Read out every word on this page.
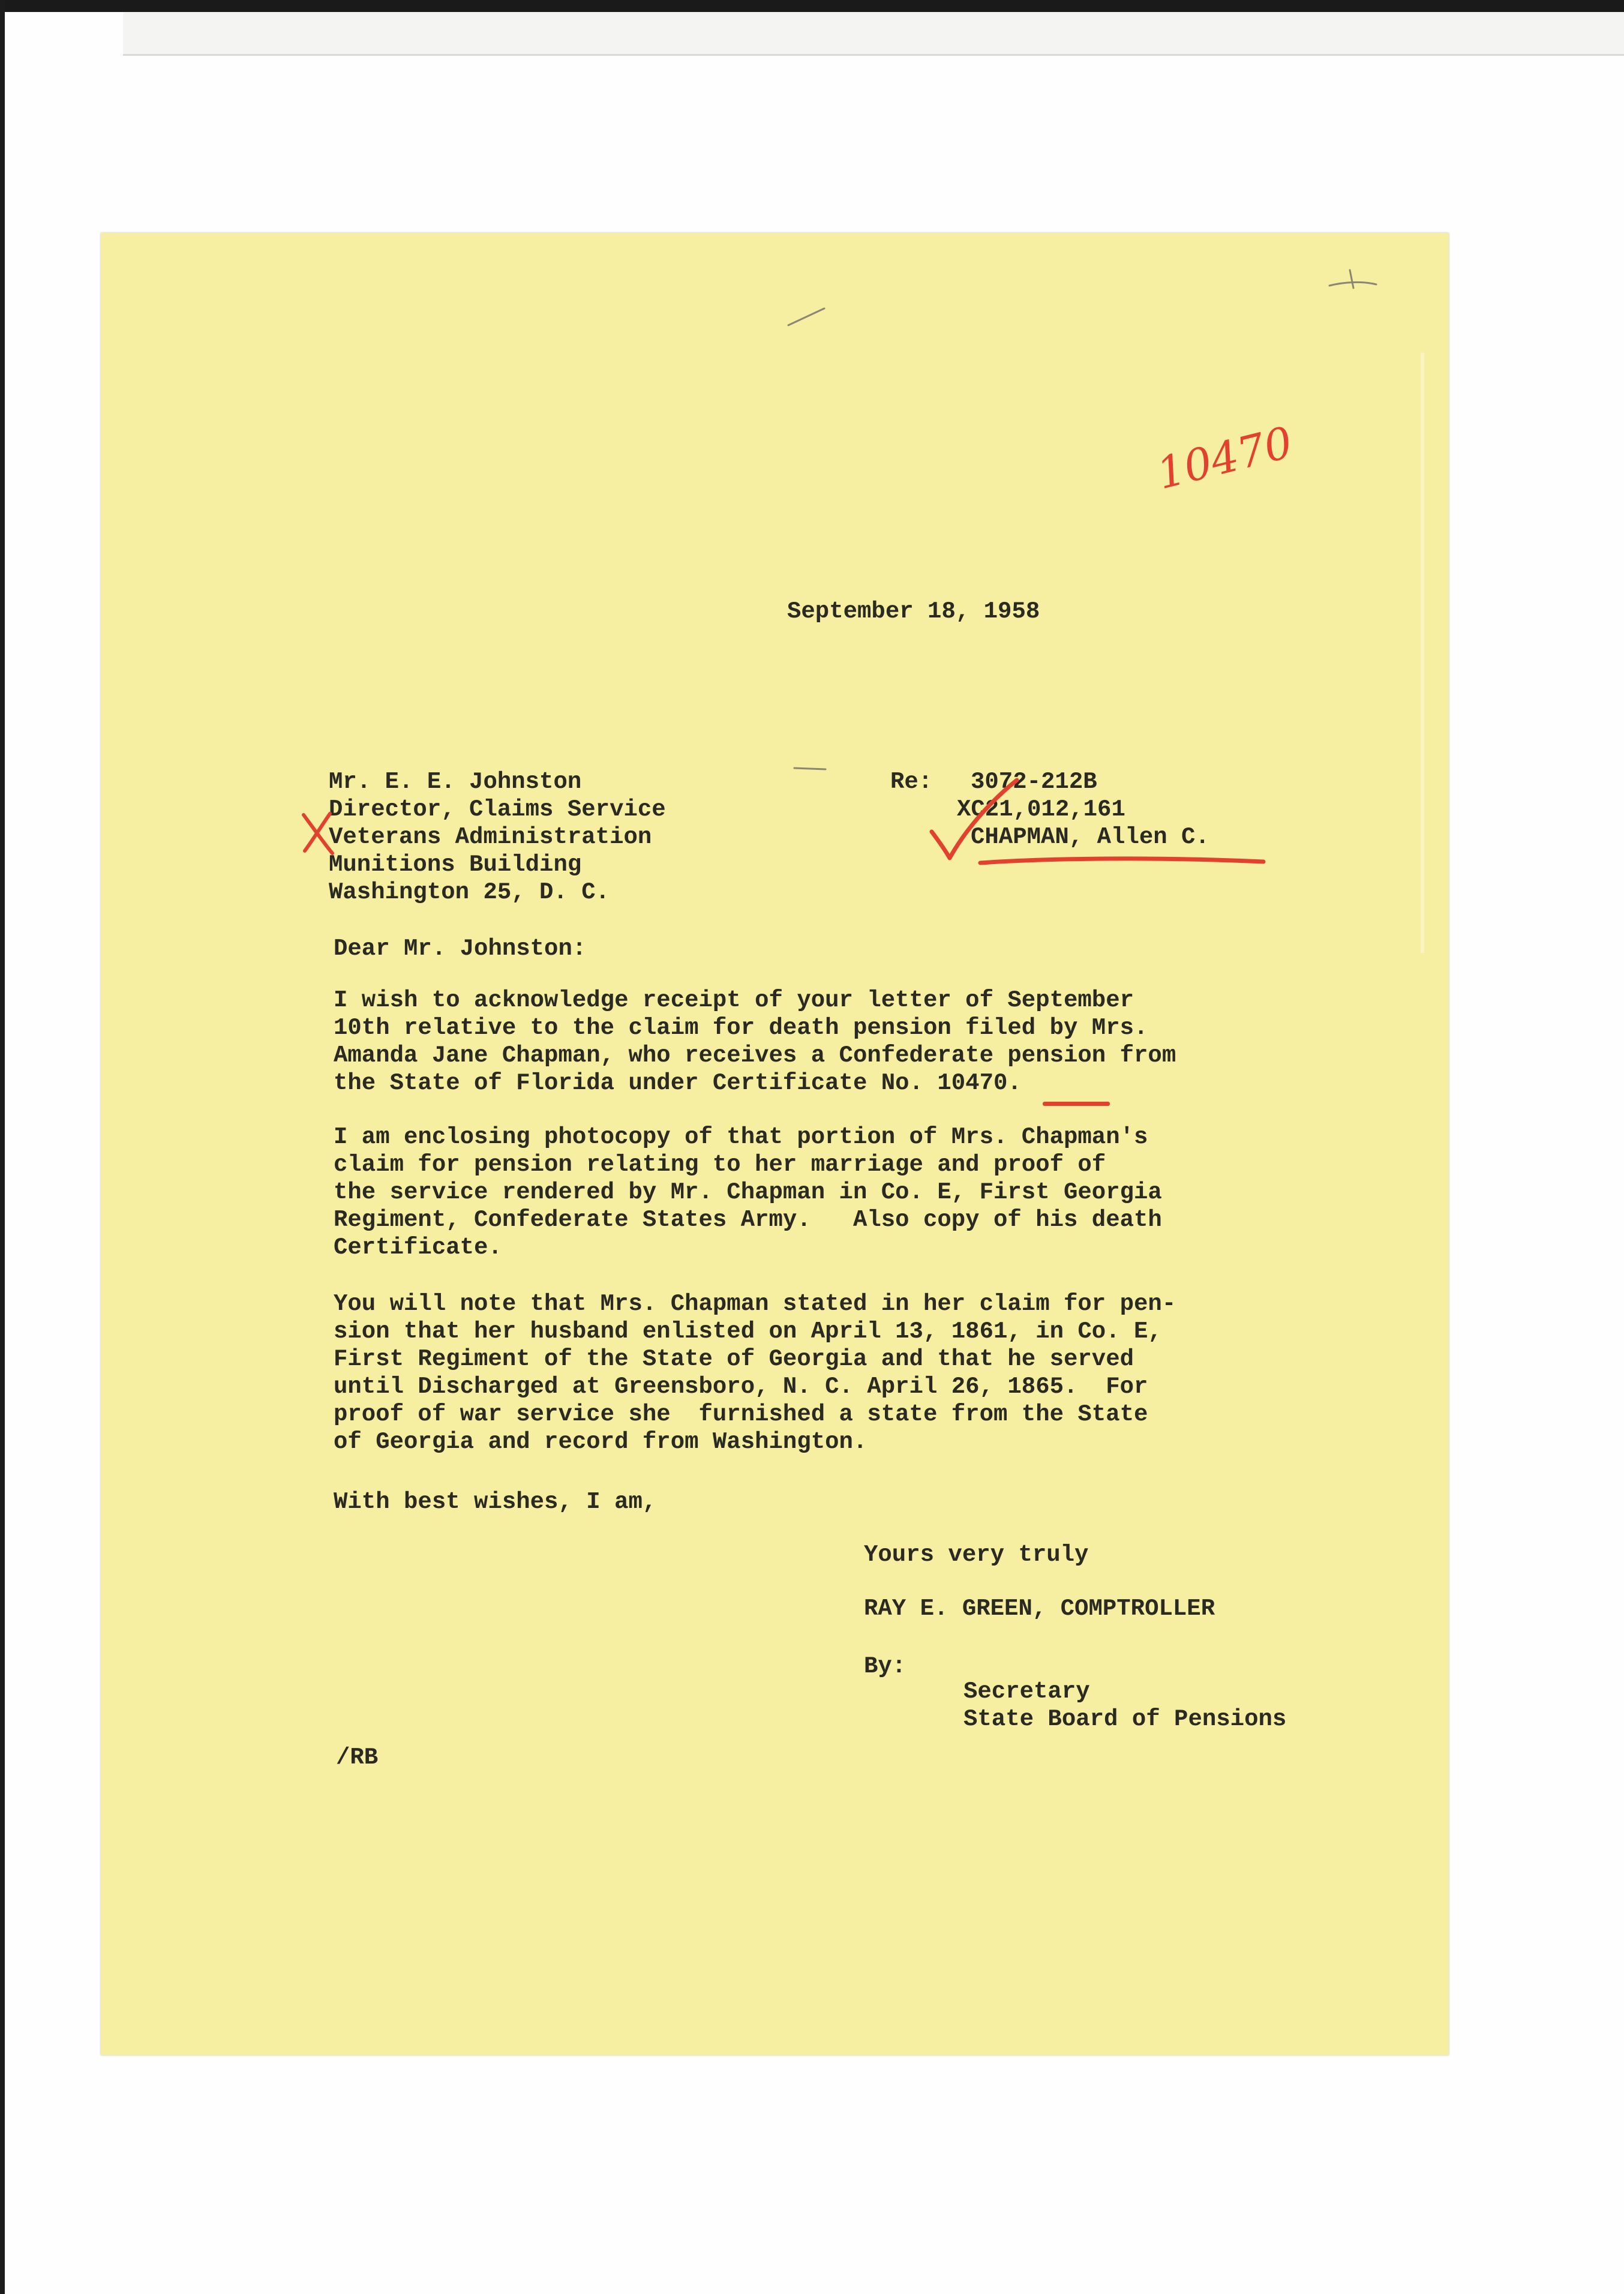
10470

September 18, 1958

Mr. E. E. Johnston

Director, Claims Service

Veterans Administration

Munitions Building

Washington 25, D. C.

Re: 3072-212B

XC21,012,161

CHAPMAN, Allen C.

Dear Mr. Johnston:

I wish to acknowledge receipt of your letter of September

10th relative to the claim for death pension filed by Mrs.

Amanda Jane Chapman, who receives a Confederate pension from

the State of Florida under Certificate No. 10470.

I am enclosing photocopy of that portion of Mrs. Chapman's

claim for pension relating to her marriage and proof of

the service rendered by Mr. Chapman in Co. E, First Georgia

Regiment, Confederate States Army.   Also copy of his death

Certificate.

You will note that Mrs. Chapman stated in her claim for pen-

sion that her husband enlisted on April 13, 1861, in Co. E,

First Regiment of the State of Georgia and that he served

until Discharged at Greensboro, N. C. April 26, 1865.  For

proof of war service she  furnished a state from the State

of Georgia and record from Washington.

With best wishes, I am,

Yours very truly

RAY E. GREEN, COMPTROLLER

By:

Secretary

State Board of Pensions

/RB
